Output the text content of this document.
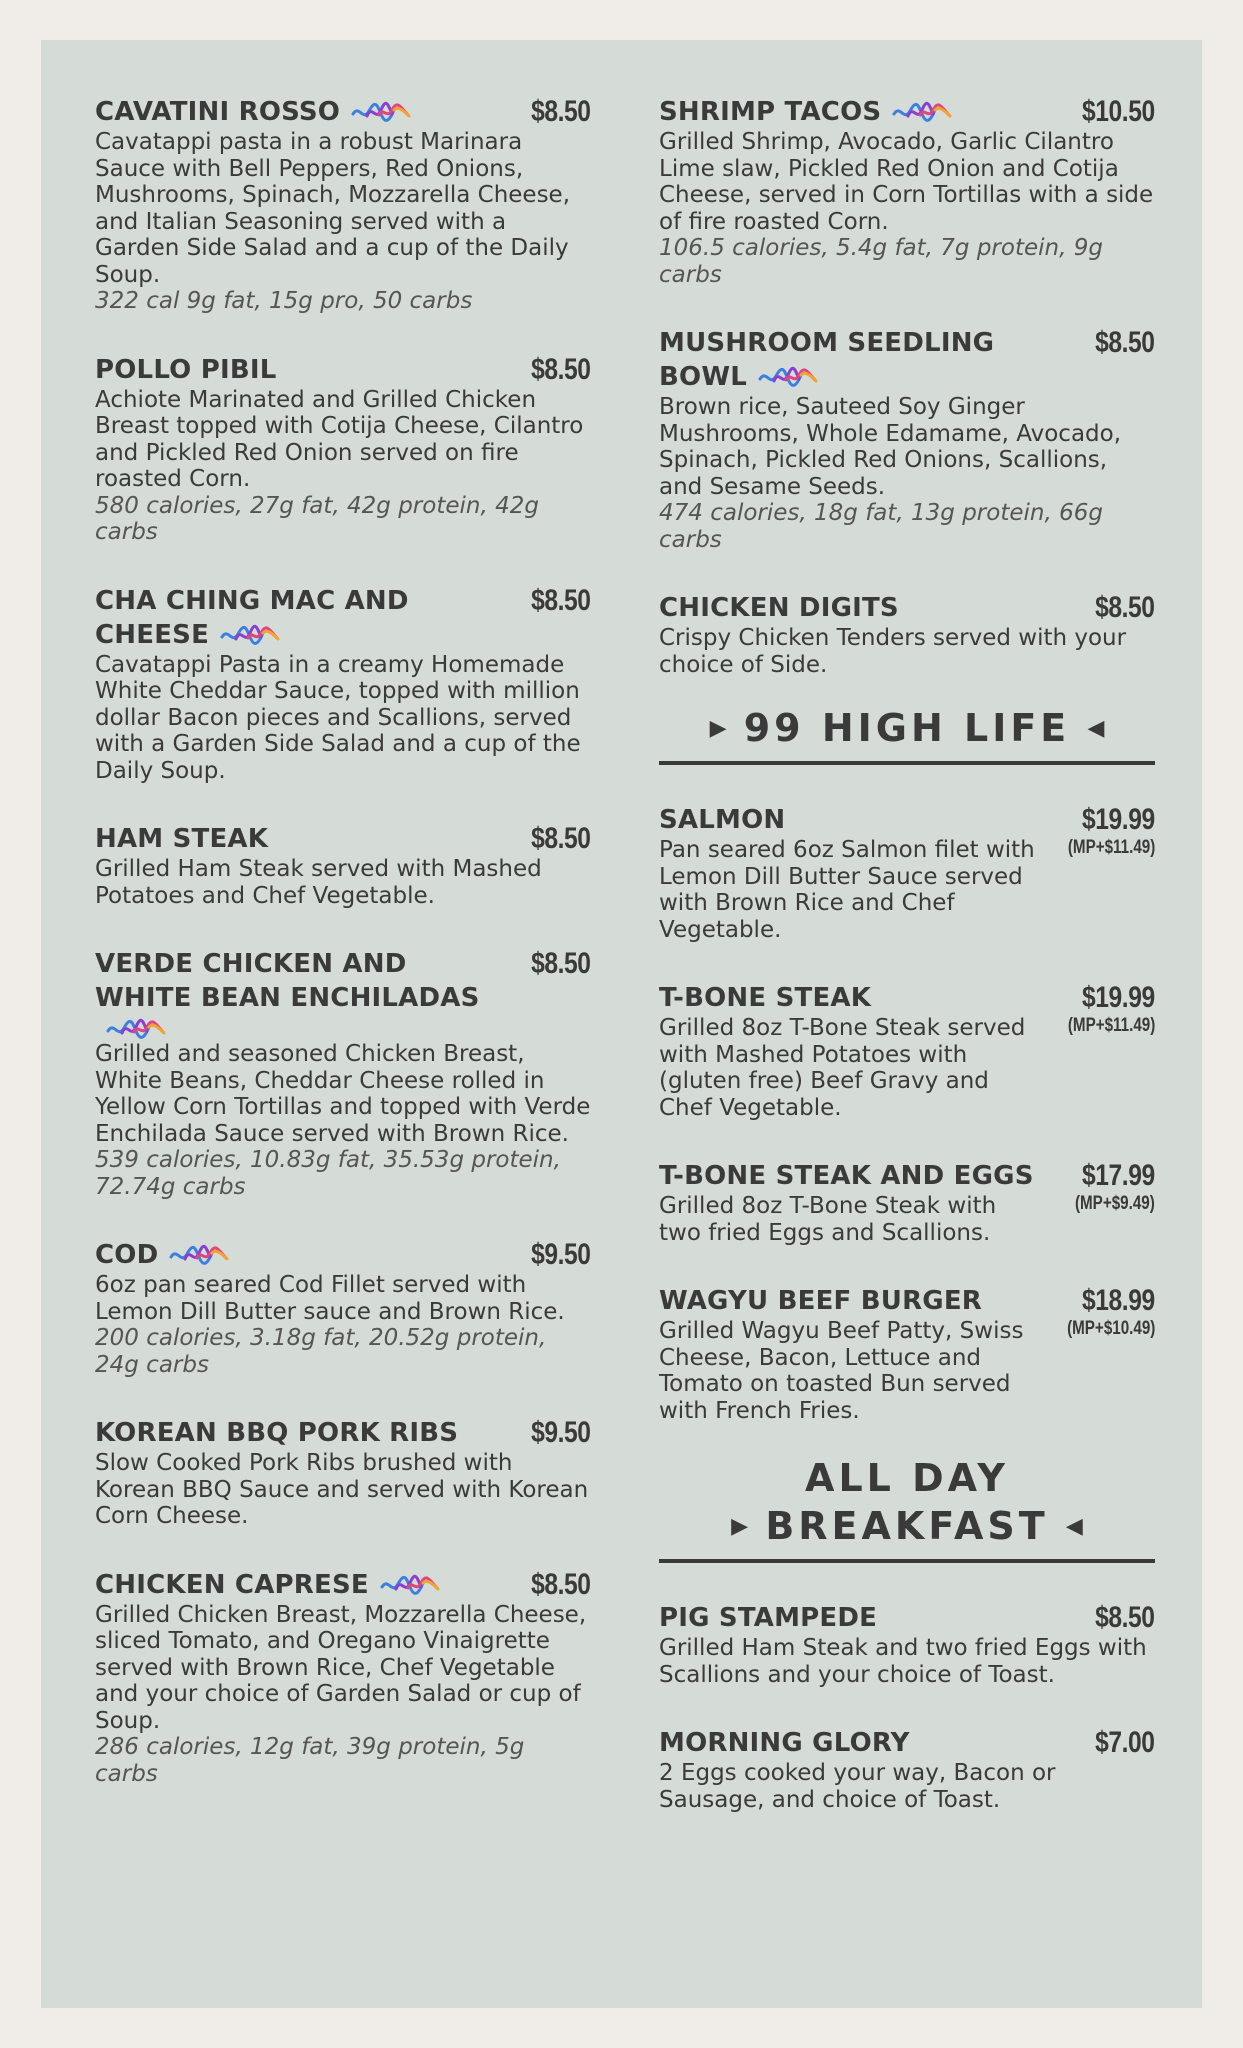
CAVATINI ROSSO	$8.50
Cavatappi pasta in a robust Marinara Sauce with Bell Peppers, Red Onions, Mushrooms, Spinach, Mozzarella Cheese, and Italian Seasoning served with a Garden Side Salad and a cup of the Daily Soup.
322 cal 9g fat, 15g pro, 50 carbs
POLLO PIBIL	$8.50
Achiote Marinated and Grilled Chicken Breast topped with Cotija Cheese, Cilantro and Pickled Red Onion served on fire roasted Corn.
580 calories, 27g fat, 42g protein, 42g carbs
CHA CHING MAC AND CHEESE
$8.50
Cavatappi Pasta in a creamy Homemade White Cheddar Sauce, topped with million dollar Bacon pieces and Scallions, served with a Garden Side Salad and a cup of the Daily Soup.
HAM STEAK	$8.50
Grilled Ham Steak served with Mashed Potatoes and Chef Vegetable.
VERDE CHICKEN AND WHITE BEAN ENCHILADAS
$8.50
Grilled and seasoned Chicken Breast, White Beans, Cheddar Cheese rolled in Yellow Corn Tortillas and topped with Verde Enchilada Sauce served with Brown Rice.
539 calories, 10.83g fat, 35.53g protein, 72.74g carbs
COD	$9.50
6oz pan seared Cod Fillet served with Lemon Dill Butter sauce and Brown Rice.
200 calories, 3.18g fat, 20.52g protein, 24g carbs
KOREAN BBQ PORK RIBS	$9.50
Slow Cooked Pork Ribs brushed with Korean BBQ Sauce and served with Korean Corn Cheese.
CHICKEN CAPRESE	$8.50
Grilled Chicken Breast, Mozzarella Cheese, sliced Tomato, and Oregano Vinaigrette served with Brown Rice, Chef Vegetable and your choice of Garden Salad or cup of Soup.
286 calories, 12g fat, 39g protein, 5g carbs
SHRIMP TACOS	$10.50
Grilled Shrimp, Avocado, Garlic Cilantro Lime slaw, Pickled Red Onion and Cotija Cheese, served in Corn Tortillas with a side of fire roasted Corn.
106.5 calories, 5.4g fat, 7g protein, 9g carbs
MUSHROOM SEEDLING BOWL
$8.50
Brown rice, Sauteed Soy Ginger Mushrooms, Whole Edamame, Avocado, Spinach, Pickled Red Onions, Scallions, and Sesame Seeds.
474 calories, 18g fat, 13g protein, 66g carbs
CHICKEN DIGITS	$8.50
Crispy Chicken Tenders served with your choice of Side.
▶ 99 HIGH LIFE ◀
SALMON	$19.99
(MP+$11.49)
Pan seared 6oz Salmon filet with Lemon Dill Butter Sauce served with Brown Rice and Chef Vegetable.
T-BONE STEAK	$19.99
(MP+$11.49)
Grilled 8oz T-Bone Steak served with Mashed Potatoes with (gluten free) Beef Gravy and Chef Vegetable.
T-BONE STEAK AND EGGS	$17.99
(MP+$9.49)
Grilled 8oz T-Bone Steak with two fried Eggs and Scallions.
WAGYU BEEF BURGER	$18.99
(MP+$10.49)
Grilled Wagyu Beef Patty, Swiss Cheese, Bacon, Lettuce and Tomato on toasted Bun served with French Fries.
ALL DAY
▶ BREAKFAST ◀
PIG STAMPEDE	$8.50
Grilled Ham Steak and two fried Eggs with Scallions and your choice of Toast.
MORNING GLORY	$7.00
2 Eggs cooked your way, Bacon or Sausage, and choice of Toast.
